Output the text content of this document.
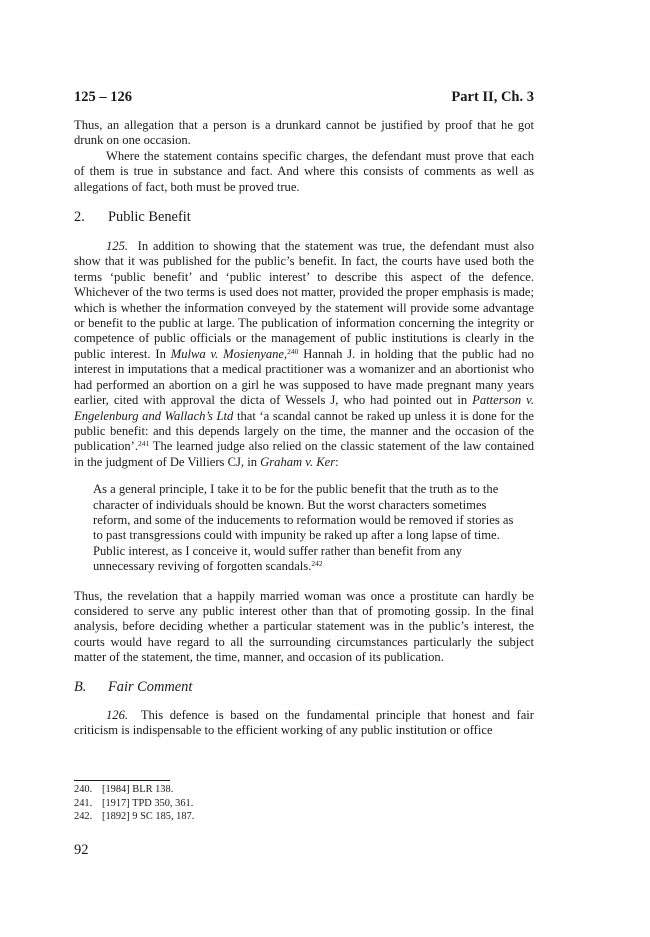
125 – 126	Part II, Ch. 3

Thus, an allegation that a person is a drunkard cannot be justified by proof that he got drunk on one occasion.

Where the statement contains specific charges, the defendant must prove that each of them is true in substance and fact. And where this consists of comments as well as allegations of fact, both must be proved true.

2. Public Benefit

125. In addition to showing that the statement was true, the defendant must also show that it was published for the public’s benefit. In fact, the courts have used both the terms ‘public benefit’ and ‘public interest’ to describe this aspect of the defence. Whichever of the two terms is used does not matter, provided the proper emphasis is made; which is whether the information conveyed by the statement will provide some advantage or benefit to the public at large. The publication of information concerning the integrity or competence of public officials or the management of public institutions is clearly in the public interest. In Mulwa v. Mosienyane,$^{240}$ Hannah J. in holding that the public had no interest in imputations that a medical practitioner was a womanizer and an abortionist who had performed an abortion on a girl he was supposed to have made pregnant many years earlier, cited with approval the dicta of Wessels J, who had pointed out in Patterson v. Engelenburg and Wallach’s Ltd that ‘a scandal cannot be raked up unless it is done for the public benefit: and this depends largely on the time, the manner and the occasion of the publication’.$^{241}$ The learned judge also relied on the classic statement of the law contained in the judgment of De Villiers CJ, in Graham v. Ker:

As a general principle, I take it to be for the public benefit that the truth as to the character of individuals should be known. But the worst characters sometimes reform, and some of the inducements to reformation would be removed if stories as to past transgressions could with impunity be raked up after a long lapse of time. Public interest, as I conceive it, would suffer rather than benefit from any unnecessary reviving of forgotten scandals.$^{242}$

Thus, the revelation that a happily married woman was once a prostitute can hardly be considered to serve any public interest other than that of promoting gossip. In the final analysis, before deciding whether a particular statement was in the public’s interest, the courts would have regard to all the surrounding circumstances particularly the subject matter of the statement, the time, manner, and occasion of its publication.

B. Fair Comment

126. This defence is based on the fundamental principle that honest and fair criticism is indispensable to the efficient working of any public institution or office

240. [1984] BLR 138.
241. [1917] TPD 350, 361.
242. [1892] 9 SC 185, 187.
92
